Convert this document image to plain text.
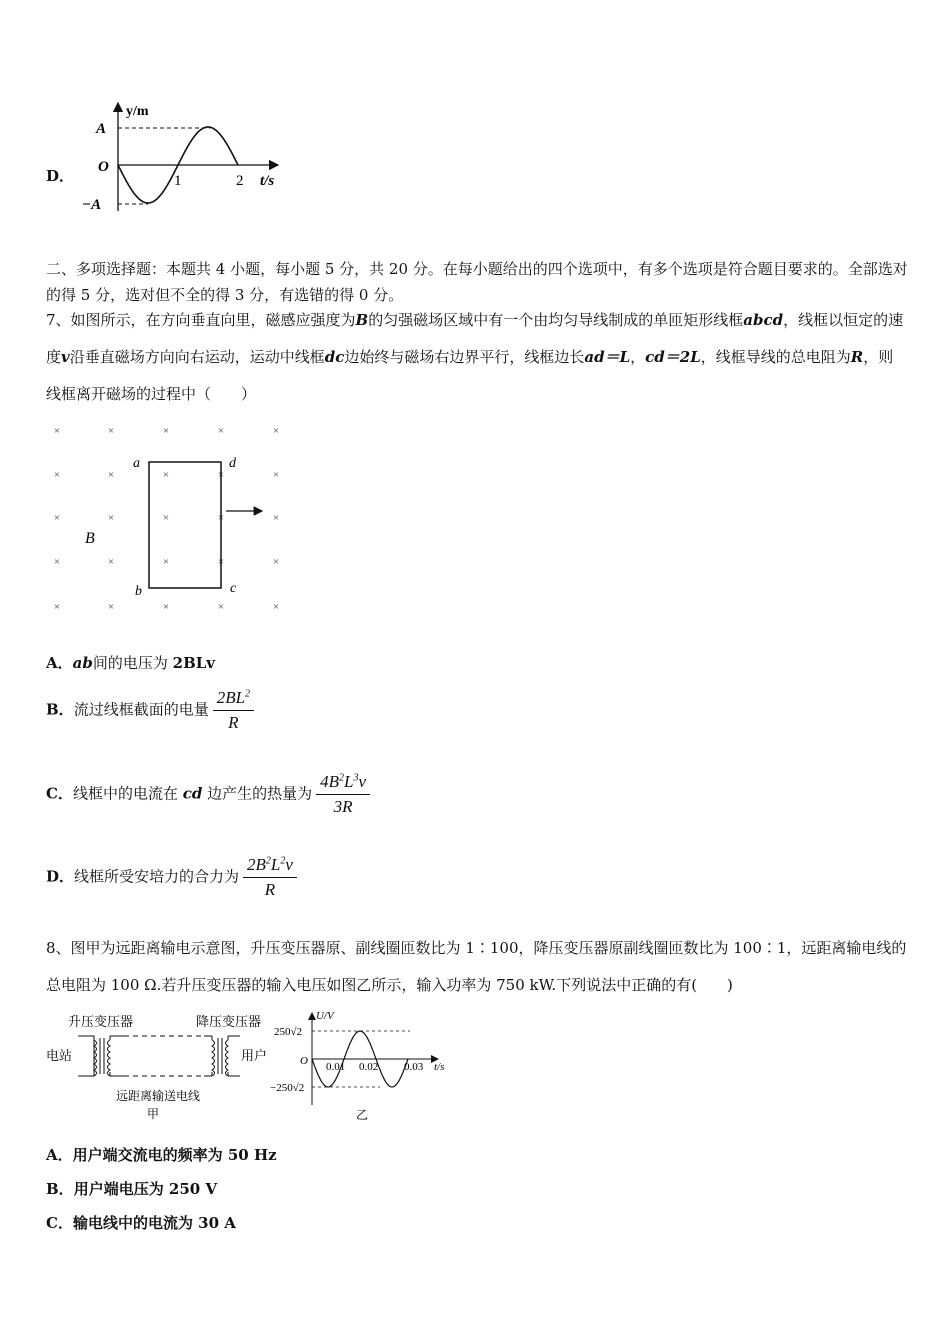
D．
y/m
A
O
−A
1	2 t/s
二、多项选择题：本题共 4 小题，每小题 5 分，共 20 分。在每小题给出的四个选项中，有多个选项是符合题目要求的。全部选对的得 5 分，选对但不全的得 3 分，有选错的得 0 分。
7、如图所示，在方向垂直向里，磁感应强度为B的匀强磁场区域中有一个由均匀导线制成的单匝矩形线框abcd，线框以恒定的速度v沿垂直磁场方向向右运动，运动中线框dc边始终与磁场右边界平行，线框边长ad＝L，cd＝2L，线框导线的总电阻为R，则线框离开磁场的过程中（　　）
×	×	×	×	×
×	×	×	×	×
×	×	×	×	×
×	×	×	×	×
×	×	×	×	×
B
a	d
b	c
A．ab间的电压为 2BLv
B．流过线框截面的电量 $\frac{2BL^2}{R}$
C．线框中的电流在 cd 边产生的热量为 $\frac{4B^2L^3v}{3R}$
D．线框所受安培力的合力为 $\frac{2B^2L^2v}{R}$
8、图甲为远距离输电示意图，升压变压器原、副线圈匝数比为 1∶100，降压变压器原副线圈匝数比为 100∶1，远距离输电线的总电阻为 100 Ω.若升压变压器的输入电压如图乙所示，输入功率为 750 kW.下列说法中正确的有(　　)
升压变压器	降压变压器
电站	用户
远距离输送电线
甲
U/V
250√2
O
−250√2
0.01 0.02 0.03 t/s
乙
A．用户端交流电的频率为 50 Hz
B．用户端电压为 250 V
C．输电线中的电流为 30 A
